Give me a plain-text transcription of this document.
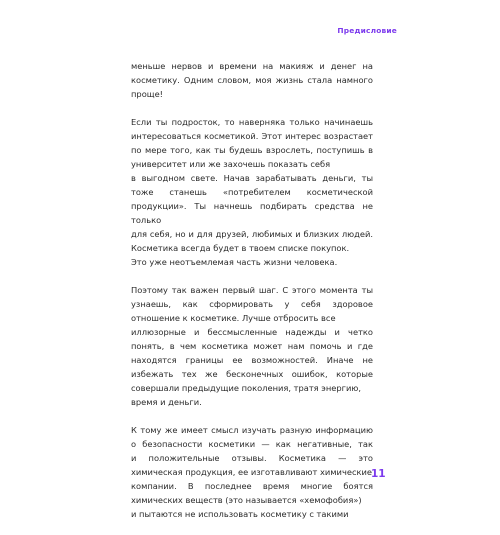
Предисловие

меньше нервов и времени на макияж и денег на
косметику. Одним словом, моя жизнь стала намного
проще!

Если ты подросток, то наверняка только начинаешь
интересоваться косметикой. Этот интерес возрастает по мере того, как ты будешь взрослеть, поступишь в университет или же захочешь показать себя
в выгодном свете. Начав зарабатывать деньги, ты
тоже станешь «потребителем косметической продукции». Ты начнешь подбирать средства не только
для себя, но и для друзей, любимых и близких людей. Косметика всегда будет в твоем списке покупок.
Это уже неотъемлемая часть жизни человека.

Поэтому так важен первый шаг. С этого момента ты узнаешь, как сформировать у себя здоровое отношение к косметике. Лучше отбросить все
иллюзорные и бессмысленные надежды и четко
понять, в чем косметика может нам помочь и где
находятся границы ее возможностей. Иначе не
избежать тех же бесконечных ошибок, которые совершали предыдущие поколения, тратя энергию,
время и деньги.

К тому же имеет смысл изучать разную информацию
о безопасности косметики — как негативные, так
и положительные отзывы. Косметика — это химическая продукция, ее изготавливают химические
компании. В последнее время многие боятся химических веществ (это называется «хемофобия»)
и пытаются не использовать косметику с такими

11
